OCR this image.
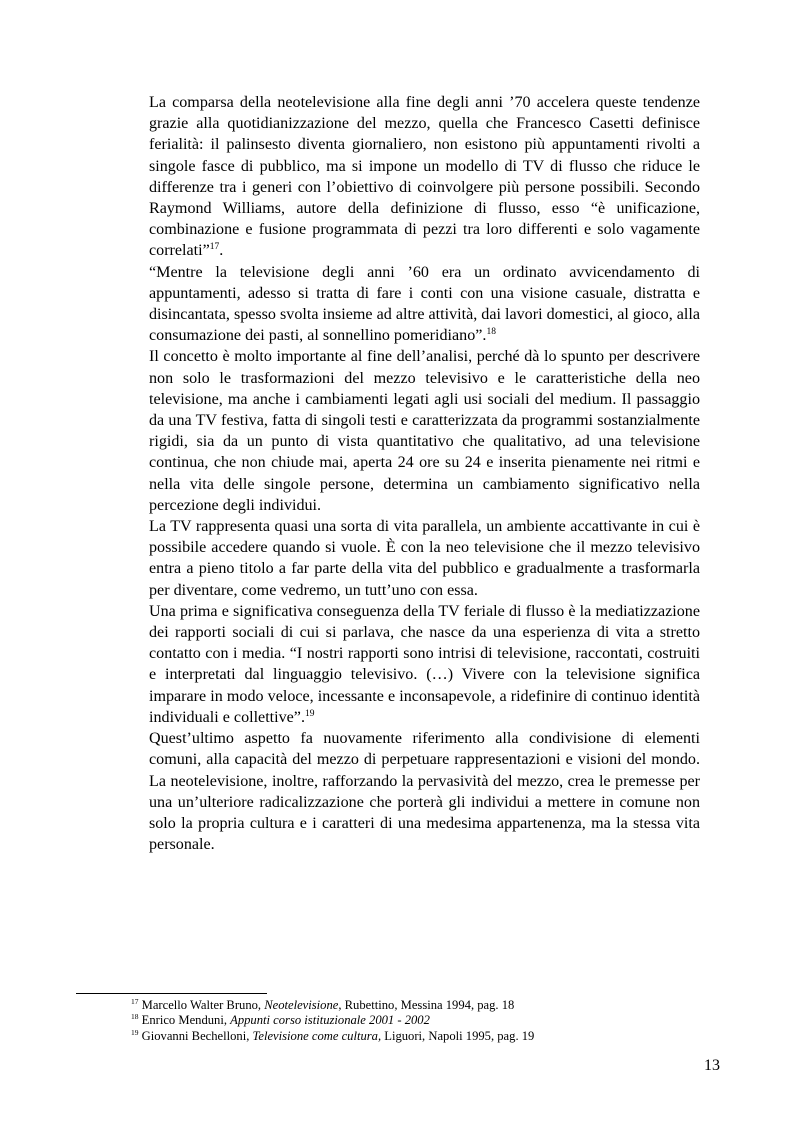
La comparsa della neotelevisione alla fine degli anni ’70 accelera queste tendenze grazie alla quotidianizzazione del mezzo, quella che Francesco Casetti definisce ferialità: il palinsesto diventa giornaliero, non esistono più appuntamenti rivolti a singole fasce di pubblico, ma si impone un modello di TV di flusso che riduce le differenze tra i generi con l’obiettivo di coinvolgere più persone possibili. Secondo Raymond Williams, autore della definizione di flusso, esso “è unificazione, combinazione e fusione programmata di pezzi tra loro differenti e solo vagamente correlati”$^{17}$.

“Mentre la televisione degli anni ’60 era un ordinato avvicendamento di appuntamenti, adesso si tratta di fare i conti con una visione casuale, distratta e disincantata, spesso svolta insieme ad altre attività, dai lavori domestici, al gioco, alla consumazione dei pasti, al sonnellino pomeridiano”.$^{18}$

Il concetto è molto importante al fine dell’analisi, perché dà lo spunto per descrivere non solo le trasformazioni del mezzo televisivo e le caratteristiche della neo televisione, ma anche i cambiamenti legati agli usi sociali del medium. Il passaggio da una TV festiva, fatta di singoli testi e caratterizzata da programmi sostanzialmente rigidi, sia da un punto di vista quantitativo che qualitativo, ad una televisione continua, che non chiude mai, aperta 24 ore su 24 e inserita pienamente nei ritmi e nella vita delle singole persone, determina un cambiamento significativo nella percezione degli individui.

La TV rappresenta quasi una sorta di vita parallela, un ambiente accattivante in cui è possibile accedere quando si vuole. È con la neo televisione che il mezzo televisivo entra a pieno titolo a far parte della vita del pubblico e gradualmente a trasformarla per diventare, come vedremo, un tutt’uno con essa.

Una prima e significativa conseguenza della TV feriale di flusso è la mediatizzazione dei rapporti sociali di cui si parlava, che nasce da una esperienza di vita a stretto contatto con i media. “I nostri rapporti sono intrisi di televisione, raccontati, costruiti e interpretati dal linguaggio televisivo. (…) Vivere con la televisione significa imparare in modo veloce, incessante e inconsapevole, a ridefinire di continuo identità individuali e collettive”.$^{19}$

Quest’ultimo aspetto fa nuovamente riferimento alla condivisione di elementi comuni, alla capacità del mezzo di perpetuare rappresentazioni e visioni del mondo. La neotelevisione, inoltre, rafforzando la pervasività del mezzo, crea le premesse per una un’ulteriore radicalizzazione che porterà gli individui a mettere in comune non solo la propria cultura e i caratteri di una medesima appartenenza, ma la stessa vita personale.

$^{17}$ Marcello Walter Bruno, Neotelevisione, Rubettino, Messina 1994, pag. 18

$^{18}$ Enrico Menduni, Appunti corso istituzionale 2001 - 2002

$^{19}$ Giovanni Bechelloni, Televisione come cultura, Liguori, Napoli 1995, pag. 19

13
